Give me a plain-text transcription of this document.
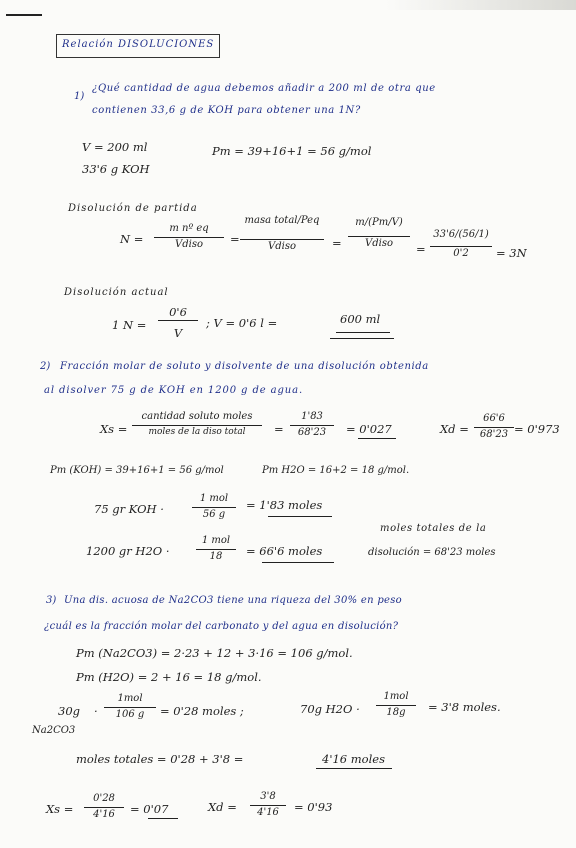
Relación DISOLUCIONES
1)
¿Qué cantidad de agua debemos añadir a 200 ml de otra que
contienen 33,6 g de KOH para obtener una 1N?
V = 200 ml
33'6 g KOH
Pm = 39+16+1 = 56 g/mol
Disolución de partida
N =
m nº eq
Vdiso =
masa total/Peq
Vdiso	=
m/(Pm/V)
Vdiso =
33'6/(56/1)
0'2 = 3N
Disolución actual
1 N =
0'6
V
; V = 0'6 l =	600 ml
2) Fracción molar de soluto y disolvente de una disolución obtenida
al disolver 75 g de KOH en 1200 g de agua.
Xs =
cantidad soluto moles
moles de la diso total =
1'83
68'23 = 0'027	Xd =
66'6
68'23 = 0'973
Pm (KOH) = 39+16+1 = 56 g/mol	Pm H2O = 16+2 = 18 g/mol.
75 gr KOH ·
1 mol
56 g
= 1'83 moles
1200 gr H2O ·
1 mol
18 = 66'6 moles
moles totales de la
disolución = 68'23 moles
3) Una dis. acuosa de Na2CO3 tiene una riqueza del 30% en peso
¿cuál es la fracción molar del carbonato y del agua en disolución?
Pm (Na2CO3) = 2·23 + 12 + 3·16 = 106 g/mol.
Pm (H2O) = 2 + 16 = 18 g/mol.
30g
Na2CO3
·
1mol
106 g = 0'28 moles ;	70g H2O ·
1mol
18g = 3'8 moles.
moles totales = 0'28 + 3'8 =	4'16 moles
Xs =
0'28
4'16 = 0'07	Xd =
3'8
4'16 = 0'93
